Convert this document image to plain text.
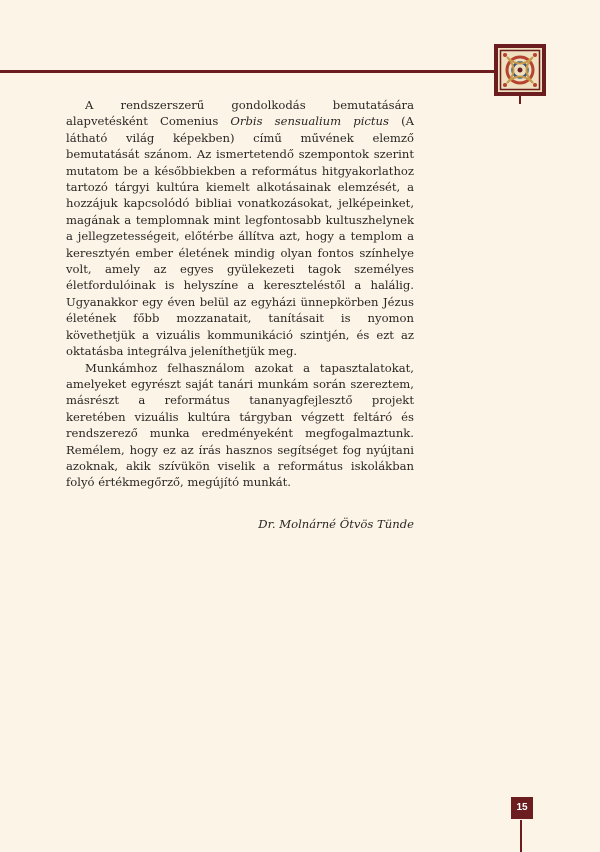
A rendszerszerű gondolkodás bemutatására alapvetésként Comenius Orbis sensualium pictus (A látható világ képekben) című művének elemző bemutatását szánom. Az ismertetendő szempontok szerint mutatom be a későbbiekben a református hitgyakorlathoz tartozó tárgyi kultúra kiemelt alkotásainak elemzését, a hozzájuk kapcsolódó bibliai vonatkozásokat, jelképeinket, magának a templomnak mint legfontosabb kultuszhelynek a jellegzetességeit, előtérbe állítva azt, hogy a templom a keresztyén ember életének mindig olyan fontos színhelye volt, amely az egyes gyülekezeti tagok személyes életfordulóinak is helyszíne a kereszteléstől a halálig. Ugyanakkor egy éven belül az egyházi ünnepkörben Jézus életének főbb mozzanatait, tanításait is nyomon követhetjük a vizuális kommunikáció szintjén, és ezt az oktatásba integrálva jeleníthetjük meg.

Munkámhoz felhasználom azokat a tapasztalatokat, amelyeket egyrészt saját tanári munkám során szereztem, másrészt a református tananyagfejlesztő projekt keretében vizuális kultúra tárgyban végzett feltáró és rendszerező munka eredményeként megfogalmaztunk. Remélem, hogy ez az írás hasznos segítséget fog nyújtani azoknak, akik szívükön viselik a református iskolákban folyó értékmegőrző, megújító munkát.

Dr. Molnárné Ötvös Tünde
15
